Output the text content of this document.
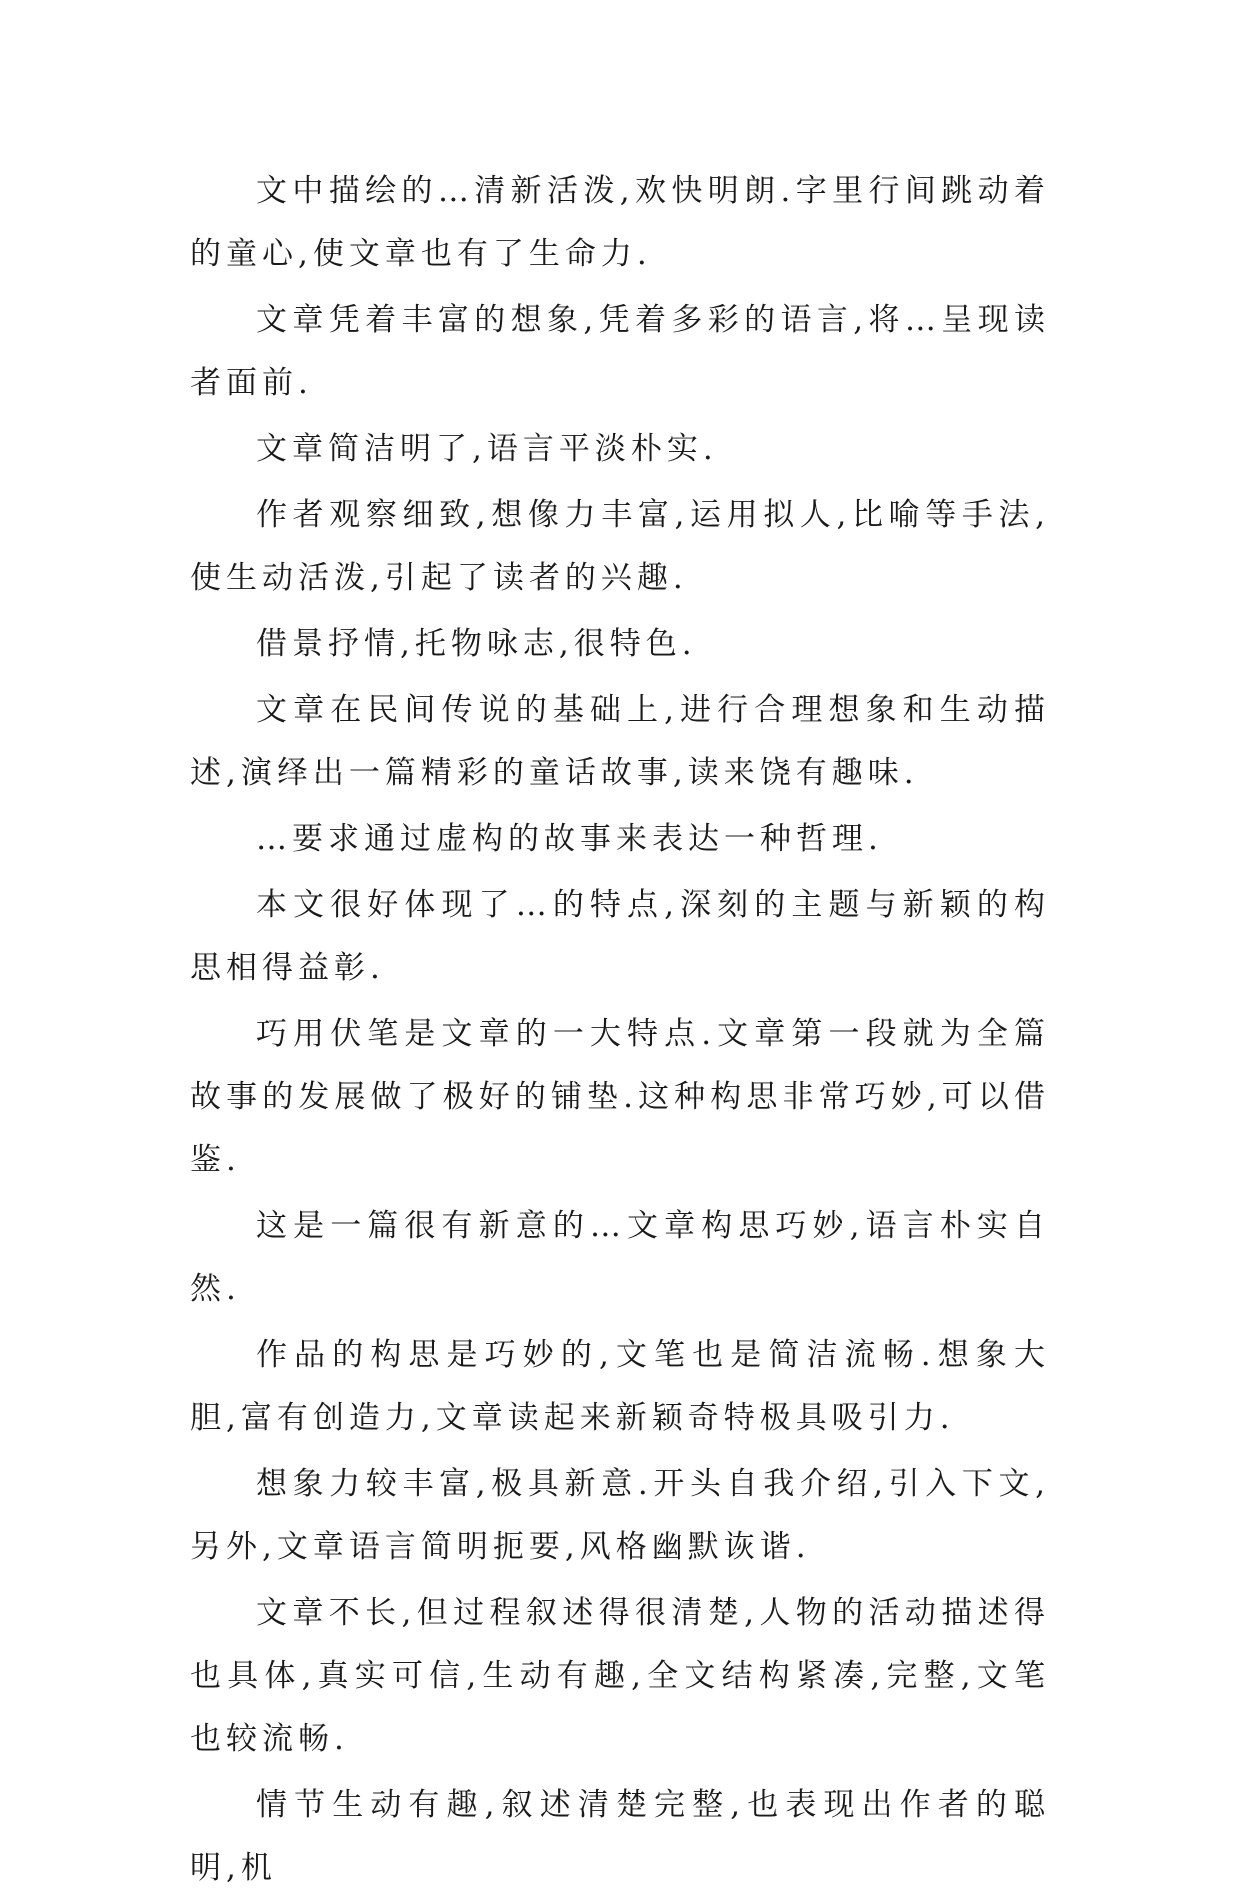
文中描绘的…清新活泼,欢快明朗.字里行间跳动着的童心,使文章也有了生命力.

文章凭着丰富的想象,凭着多彩的语言,将…呈现读者面前.

文章简洁明了,语言平淡朴实.

作者观察细致,想像力丰富,运用拟人,比喻等手法,使生动活泼,引起了读者的兴趣.

借景抒情,托物咏志,很特色.

文章在民间传说的基础上,进行合理想象和生动描述,演绎出一篇精彩的童话故事,读来饶有趣味.

…要求通过虚构的故事来表达一种哲理.

本文很好体现了…的特点,深刻的主题与新颖的构思相得益彰.

巧用伏笔是文章的一大特点.文章第一段就为全篇故事的发展做了极好的铺垫.这种构思非常巧妙,可以借鉴.

这是一篇很有新意的…文章构思巧妙,语言朴实自然.

作品的构思是巧妙的,文笔也是简洁流畅.想象大胆,富有创造力,文章读起来新颖奇特极具吸引力.

想象力较丰富,极具新意.开头自我介绍,引入下文,另外,文章语言简明扼要,风格幽默诙谐.

文章不长,但过程叙述得很清楚,人物的活动描述得也具体,真实可信,生动有趣,全文结构紧凑,完整,文笔也较流畅.

情节生动有趣,叙述清楚完整,也表现出作者的聪明,机
